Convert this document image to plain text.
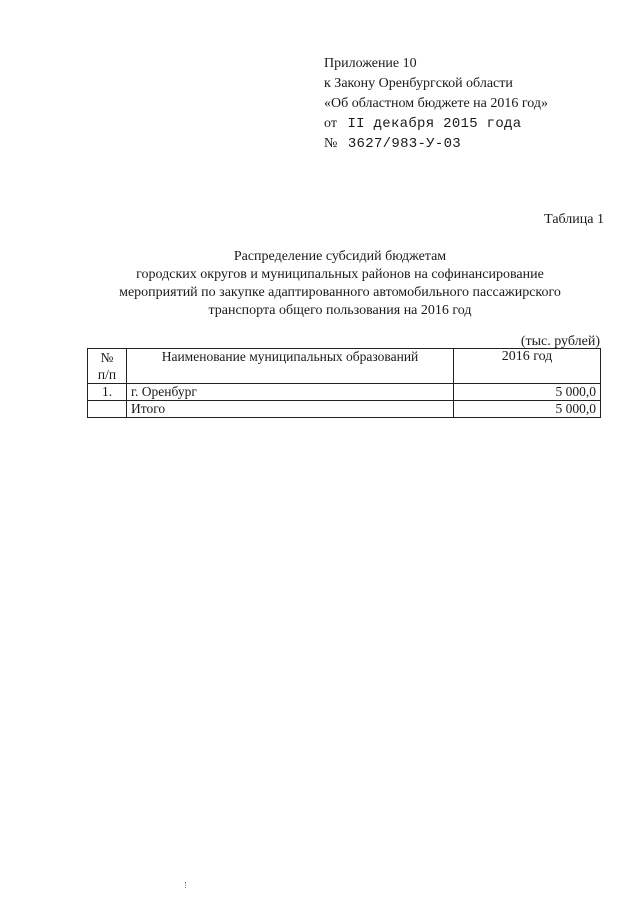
Приложение 10
к Закону Оренбургской области
«Об областном бюджете на 2016 год»
от II декабря 2015 года
№ 3627/983-У-03
Таблица 1
Распределение субсидий бюджетам
городских округов и муниципальных районов на софинансирование
мероприятий по закупке адаптированного автомобильного пассажирского
транспорта общего пользования на 2016 год
(тыс. рублей)
№
п/п	Наименование муниципальных образований	2016 год
1.	г. Оренбург	5 000,0
	Итого	5 000,0
